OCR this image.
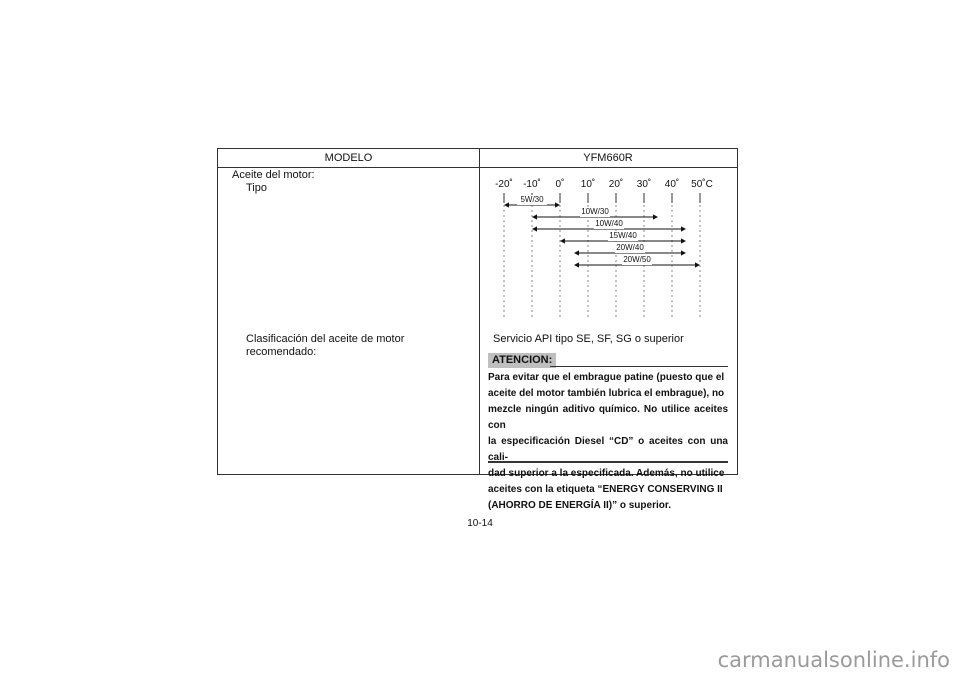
MODELO	YFM660R
Aceite del motor:
Tipo
Clasificación del aceite de motor
recomendado:
-20˚ -10˚ 0˚ 10˚ 20˚ 30˚ 40˚ 50˚C
5W/30
10W/30
10W/40
15W/40
20W/40
20W/50
Servicio API tipo SE, SF, SG o superior
ATENCION:
Para evitar que el embrague patine (puesto que el
aceite del motor también lubrica el embrague), no
mezcle ningún aditivo químico. No utilice aceites con
la especificación Diesel “CD” o aceites con una cali-
dad superior a la especificada. Además, no utilice
aceites con la etiqueta “ENERGY CONSERVING II
(AHORRO DE ENERGÍA II)” o superior.
10-14
carmanualsonline.info
